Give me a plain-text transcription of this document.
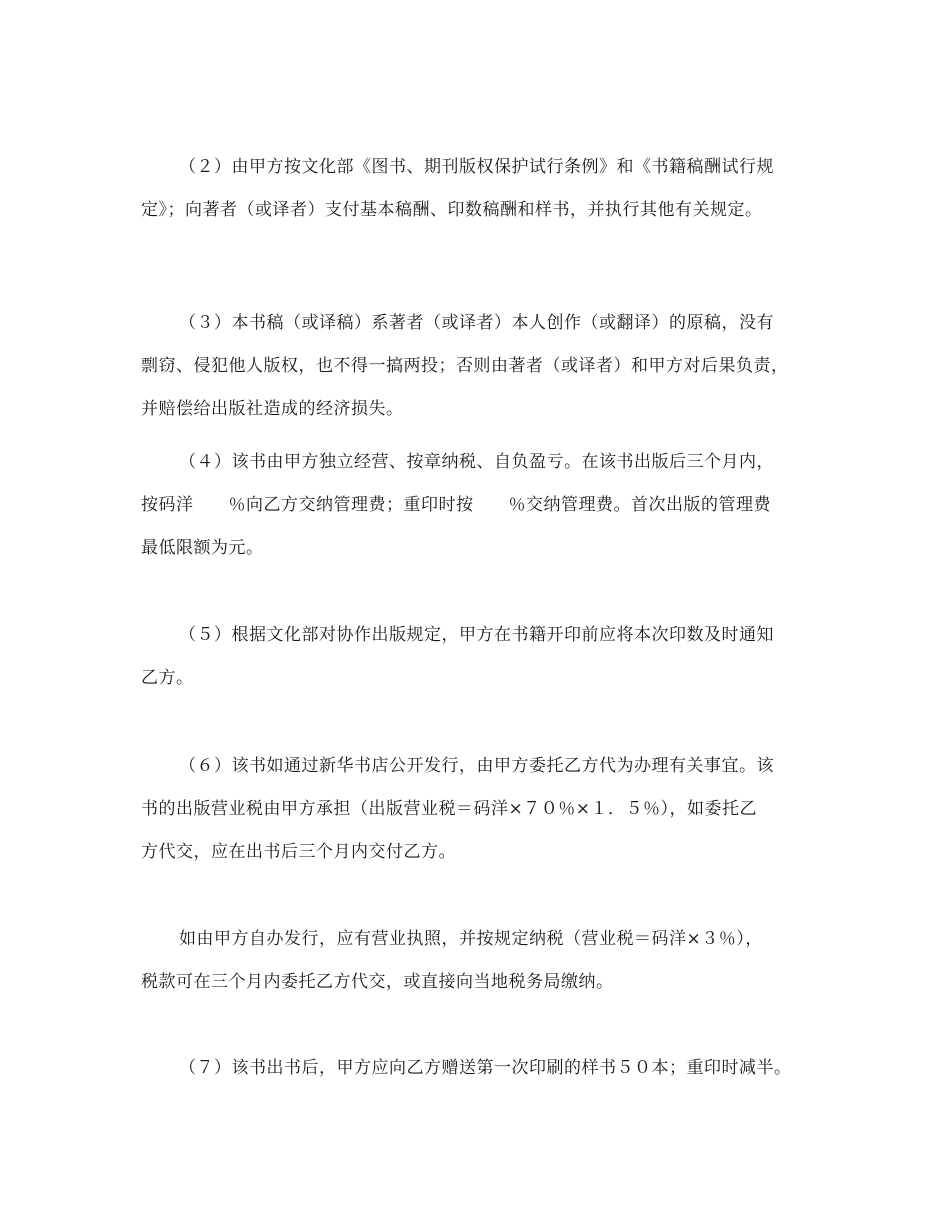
（２）由甲方按文化部《图书、期刊版权保护试行条例》和《书籍稿酬试行规
定》；向著者（或译者）支付基本稿酬、印数稿酬和样书，并执行其他有关规定。

（３）本书稿（或译稿）系著者（或译者）本人创作（或翻译）的原稿，没有
剽窃、侵犯他人版权，也不得一搞两投；否则由著者（或译者）和甲方对后果负责，
并赔偿给出版社造成的经济损失。

（４）该书由甲方独立经营、按章纳税、自负盈亏。在该书出版后三个月内，
按码洋　　％向乙方交纳管理费；重印时按　　％交纳管理费。首次出版的管理费
最低限额为元。

（５）根据文化部对协作出版规定，甲方在书籍开印前应将本次印数及时通知
乙方。

（６）该书如通过新华书店公开发行，由甲方委托乙方代为办理有关事宜。该
书的出版营业税由甲方承担（出版营业税＝码洋×７０％×１．５％），如委托乙
方代交，应在出书后三个月内交付乙方。

如由甲方自办发行，应有营业执照，并按规定纳税（营业税＝码洋×３％），
税款可在三个月内委托乙方代交，或直接向当地税务局缴纳。

（７）该书出书后，甲方应向乙方赠送第一次印刷的样书５０本；重印时减半。
